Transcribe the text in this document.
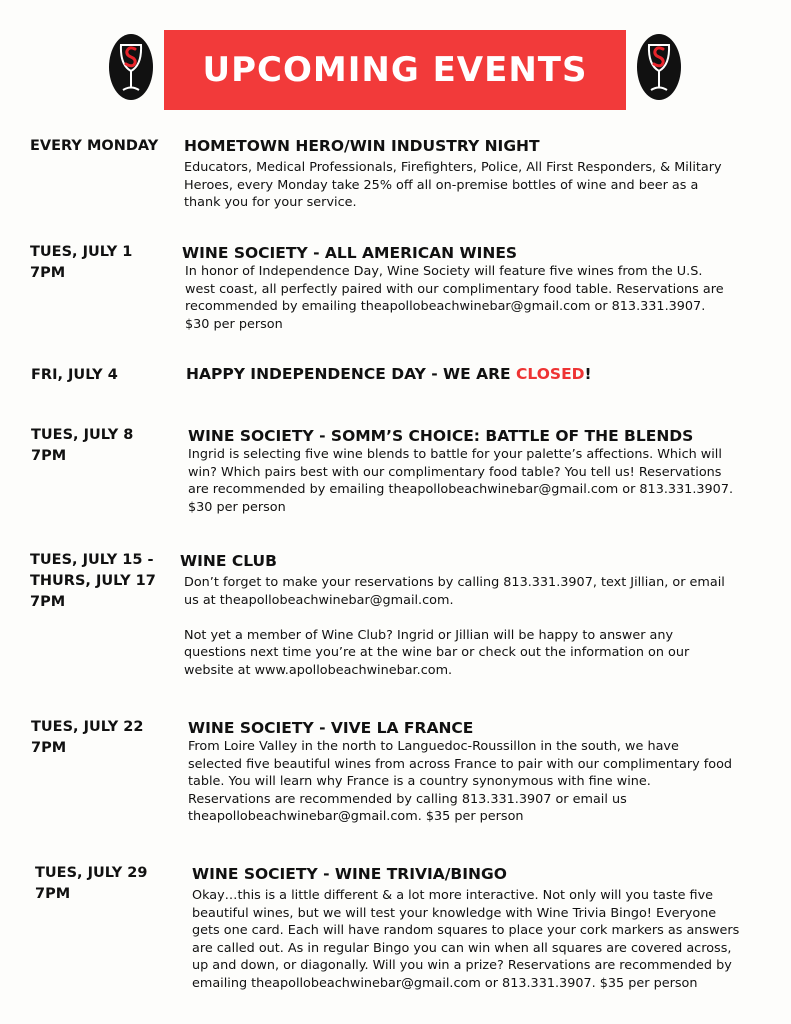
UPCOMING EVENTS
EVERY MONDAY HOMETOWN HERO/WIN INDUSTRY NIGHT

Educators, Medical Professionals, Firefighters, Police, All First Responders, & Military Heroes, every Monday take 25% off all on-premise bottles of wine and beer as a thank you for your service.

TUES, JULY 1
7PM
WINE SOCIETY - ALL AMERICAN WINES

In honor of Independence Day, Wine Society will feature five wines from the U.S. west coast, all perfectly paired with our complimentary food table. Reservations are recommended by emailing theapollobeachwinebar@gmail.com or 813.331.3907. $30 per person

FRI, JULY 4	HAPPY INDEPENDENCE DAY - WE ARE CLOSED!
TUES, JULY 8
7PM
WINE SOCIETY - SOMM’S CHOICE: BATTLE OF THE BLENDS

Ingrid is selecting five wine blends to battle for your palette’s affections. Which will win? Which pairs best with our complimentary food table? You tell us! Reservations are recommended by emailing theapollobeachwinebar@gmail.com or 813.331.3907. $30 per person

TUES, JULY 15 -
THURS, JULY 17
7PM
WINE CLUB

Don’t forget to make your reservations by calling 813.331.3907, text Jillian, or email us at theapollobeachwinebar@gmail.com.

Not yet a member of Wine Club? Ingrid or Jillian will be happy to answer any questions next time you’re at the wine bar or check out the information on our website at www.apollobeachwinebar.com.

TUES, JULY 22
7PM
WINE SOCIETY - VIVE LA FRANCE

From Loire Valley in the north to Languedoc-Roussillon in the south, we have selected five beautiful wines from across France to pair with our complimentary food table. You will learn why France is a country synonymous with fine wine. Reservations are recommended by calling 813.331.3907 or email us theapollobeachwinebar@gmail.com. $35 per person

TUES, JULY 29
7PM
WINE SOCIETY - WINE TRIVIA/BINGO

Okay…this is a little different & a lot more interactive. Not only will you taste five beautiful wines, but we will test your knowledge with Wine Trivia Bingo! Everyone gets one card. Each will have random squares to place your cork markers as answers are called out. As in regular Bingo you can win when all squares are covered across, up and down, or diagonally. Will you win a prize? Reservations are recommended by emailing theapollobeachwinebar@gmail.com or 813.331.3907. $35 per person
